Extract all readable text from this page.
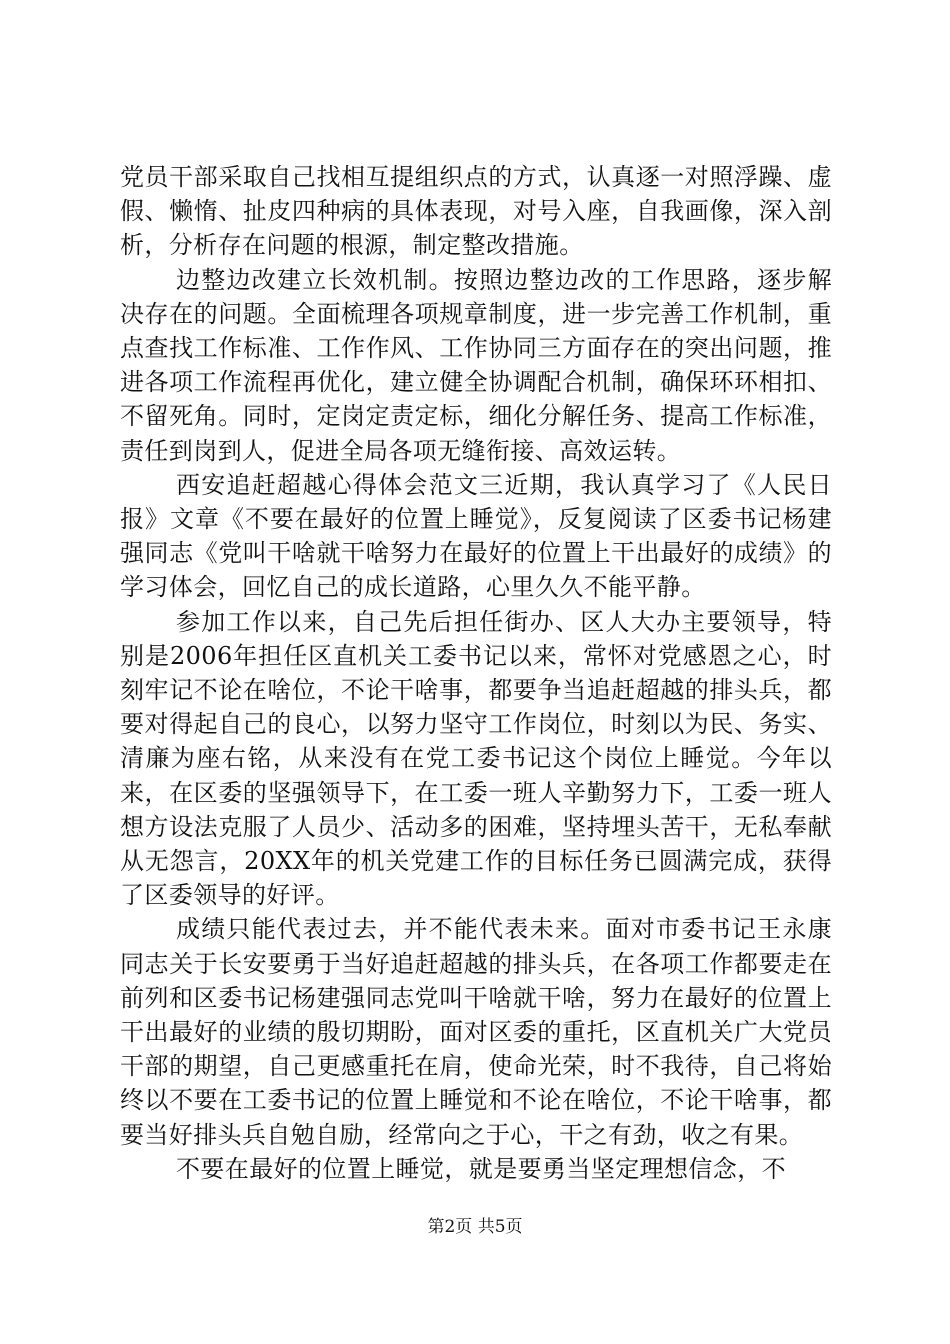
党员干部采取自己找相互提组织点的方式，认真逐一对照浮躁、虚假、懒惰、扯皮四种病的具体表现，对号入座，自我画像，深入剖析，分析存在问题的根源，制定整改措施。

边整边改建立长效机制。按照边整边改的工作思路，逐步解决存在的问题。全面梳理各项规章制度，进一步完善工作机制，重点查找工作标准、工作作风、工作协同三方面存在的突出问题，推进各项工作流程再优化，建立健全协调配合机制，确保环环相扣、不留死角。同时，定岗定责定标，细化分解任务、提高工作标准，责任到岗到人，促进全局各项无缝衔接、高效运转。

西安追赶超越心得体会范文三近期，我认真学习了《人民日报》文章《不要在最好的位置上睡觉》，反复阅读了区委书记杨建强同志《党叫干啥就干啥努力在最好的位置上干出最好的成绩》的学习体会，回忆自己的成长道路，心里久久不能平静。

参加工作以来，自己先后担任街办、区人大办主要领导，特别是2006年担任区直机关工委书记以来，常怀对党感恩之心，时刻牢记不论在啥位，不论干啥事，都要争当追赶超越的排头兵，都要对得起自己的良心，以努力坚守工作岗位，时刻以为民、务实、清廉为座右铭，从来没有在党工委书记这个岗位上睡觉。今年以来，在区委的坚强领导下，在工委一班人辛勤努力下，工委一班人想方设法克服了人员少、活动多的困难，坚持埋头苦干，无私奉献从无怨言，20XX年的机关党建工作的目标任务已圆满完成，获得了区委领导的好评。

成绩只能代表过去，并不能代表未来。面对市委书记王永康同志关于长安要勇于当好追赶超越的排头兵，在各项工作都要走在前列和区委书记杨建强同志党叫干啥就干啥，努力在最好的位置上干出最好的业绩的殷切期盼，面对区委的重托，区直机关广大党员干部的期望，自己更感重托在肩，使命光荣，时不我待，自己将始终以不要在工委书记的位置上睡觉和不论在啥位，不论干啥事，都要当好排头兵自勉自励，经常向之于心，干之有劲，收之有果。

不要在最好的位置上睡觉，就是要勇当坚定理想信念，不

第2页 共5页
